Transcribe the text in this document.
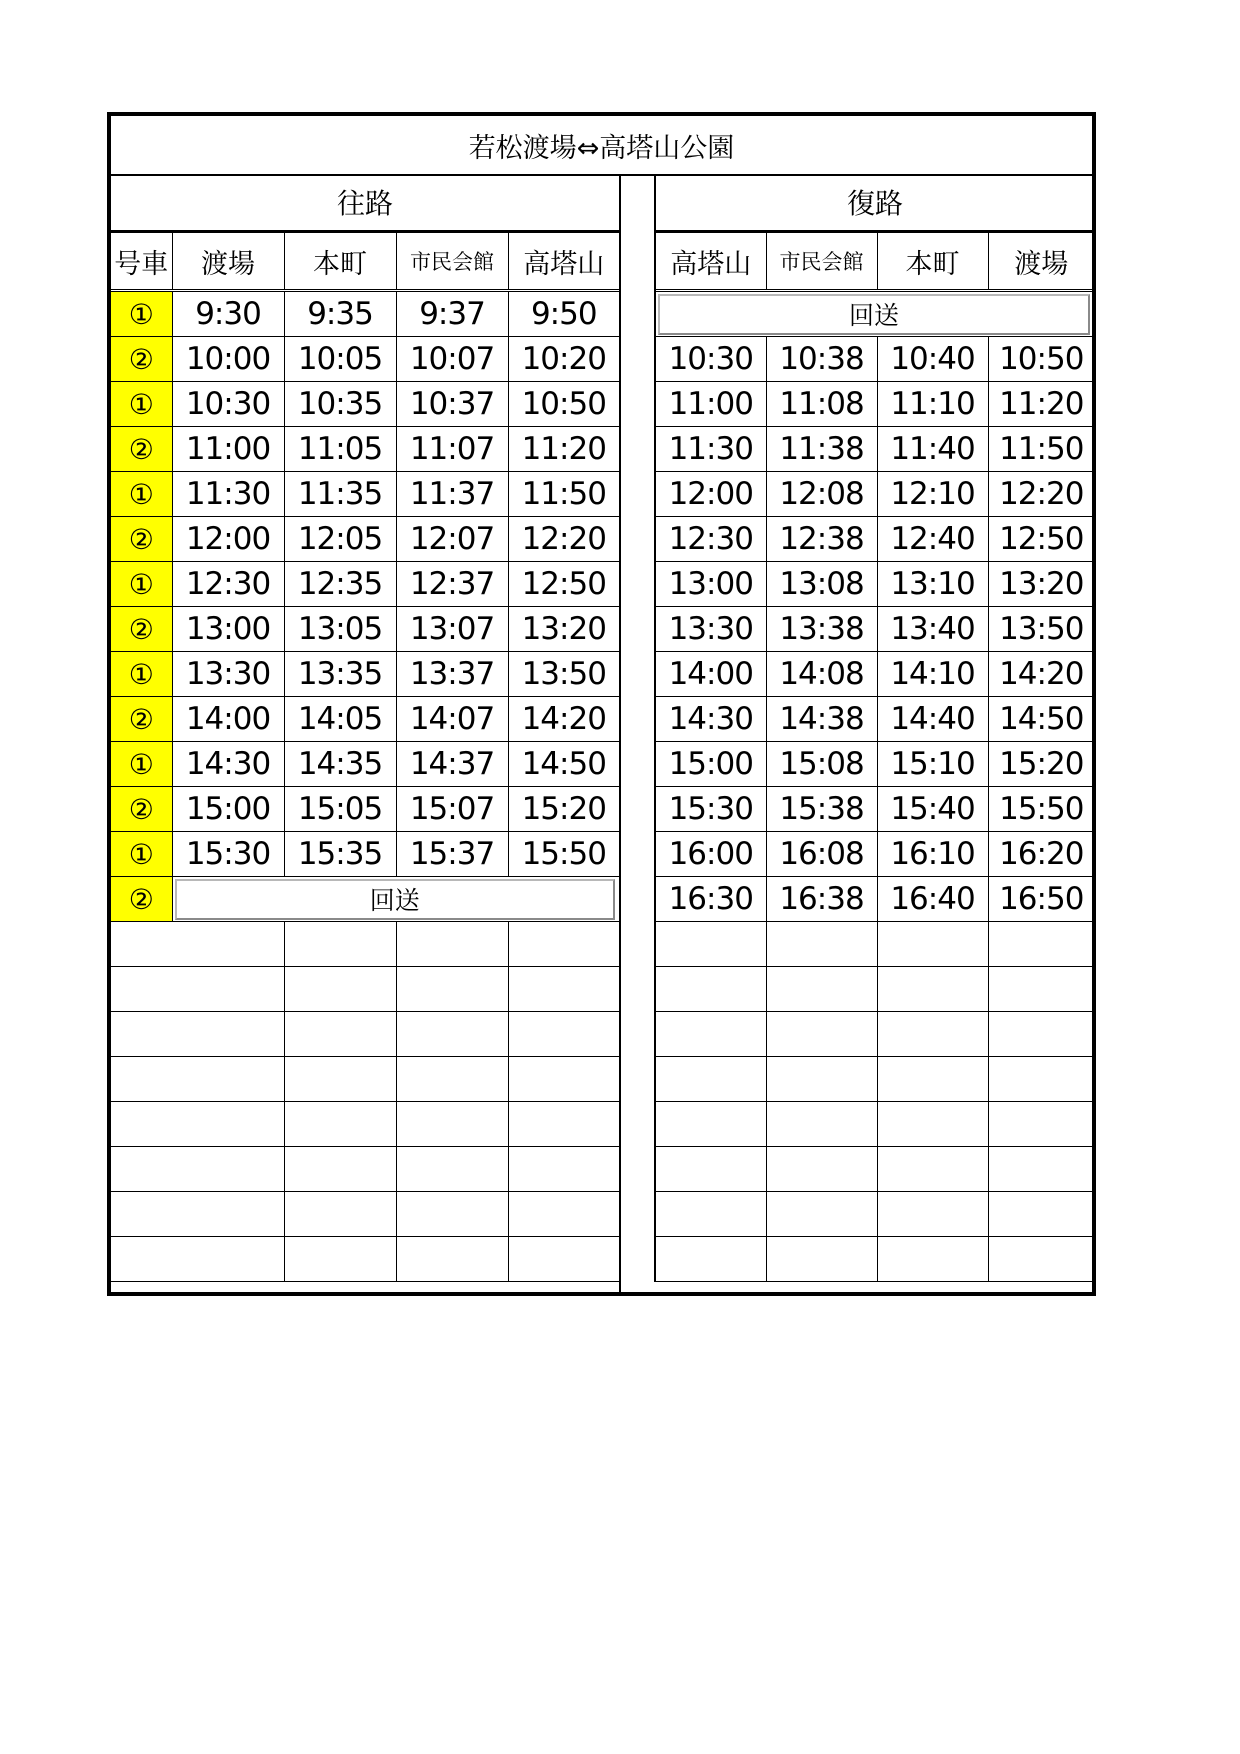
若松渡場⇔高塔山公園
往路
号車	渡場	本町	市民会館	高塔山
①	9:30	9:35	9:37	9:50
②	10:00	10:05	10:07	10:20
①	10:30	10:35	10:37	10:50
②	11:00	11:05	11:07	11:20
①	11:30	11:35	11:37	11:50
②	12:00	12:05	12:07	12:20
①	12:30	12:35	12:37	12:50
②	13:00	13:05	13:07	13:20
①	13:30	13:35	13:37	13:50
②	14:00	14:05	14:07	14:20
①	14:30	14:35	14:37	14:50
②	15:00	15:05	15:07	15:20
①	15:30	15:35	15:37	15:50
②	回送			

復路
高塔山	市民会館	本町	渡場

回送			

10:30	10:38	10:40	10:50
11:00	11:08	11:10	11:20
11:30	11:38	11:40	11:50
12:00	12:08	12:10	12:20
12:30	12:38	12:40	12:50
13:00	13:08	13:10	13:20
13:30	13:38	13:40	13:50
14:00	14:08	14:10	14:20
14:30	14:38	14:40	14:50
15:00	15:08	15:10	15:20
15:30	15:38	15:40	15:50
16:00	16:08	16:10	16:20
16:30	16:38	16:40	16:50
